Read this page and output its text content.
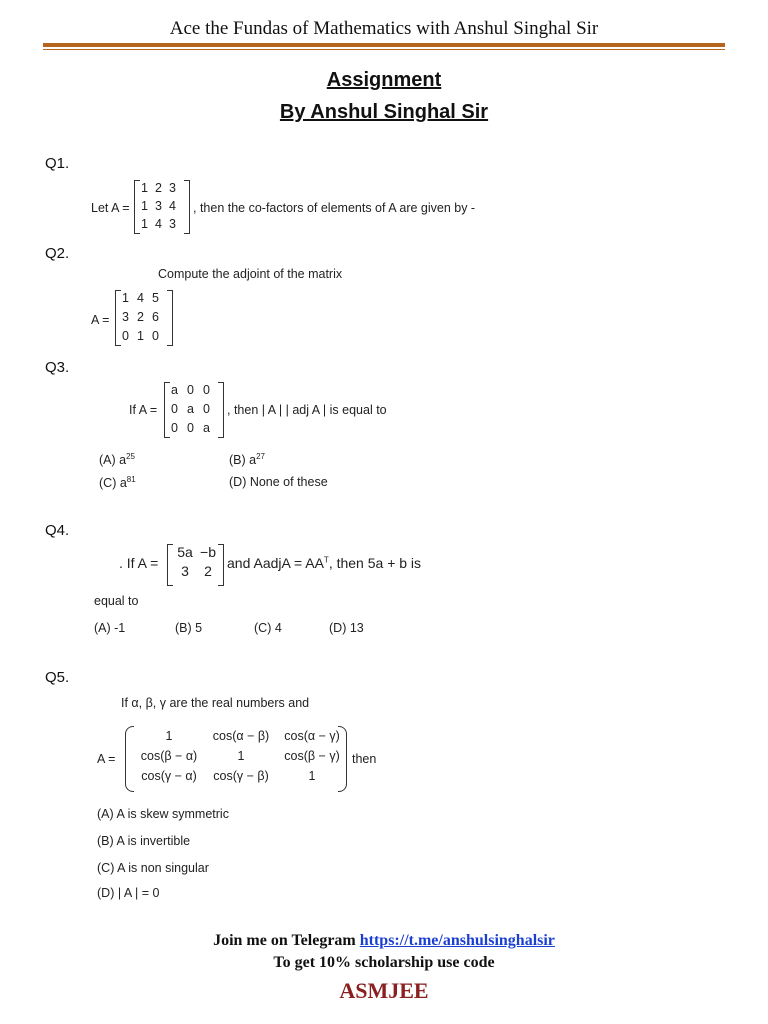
Ace the Fundas of Mathematics with Anshul Singhal Sir
Assignment
By Anshul Singhal Sir
Q1.
Let A =
1 2 3
1 3 4
1 4 3
, then the co-factors of elements of A are given by -
Q2.
Compute the adjoint of the matrix
A =
1 4 5
3 2 6
0 1 0
Q3.
If A =
a 0 0
0 a 0
0 0 a
, then | A | | adj A | is equal to
(A) $a^{25}$	(B) $a^{27}$
(C) $a^{81}$	(D) None of these
Q4.
. If A =
5a −b
3	2	and AadjA = $AA^T$, then 5a + b is
equal to
(A) -1	(B) 5	(C) 4	(D) 13
Q5.
If α, β, γ are the real numbers and
A =
1	cos(α − β)	cos(α − γ)
cos(β − α)	1	cos(β − γ)
cos(γ − α)	cos(γ − β)	1
then
(A) A is skew symmetric
(B) A is invertible
(C) A is non singular
(D) | A | = 0
Join me on Telegram https://t.me/anshulsinghalsir
To get 10% scholarship use code
ASMJEE
